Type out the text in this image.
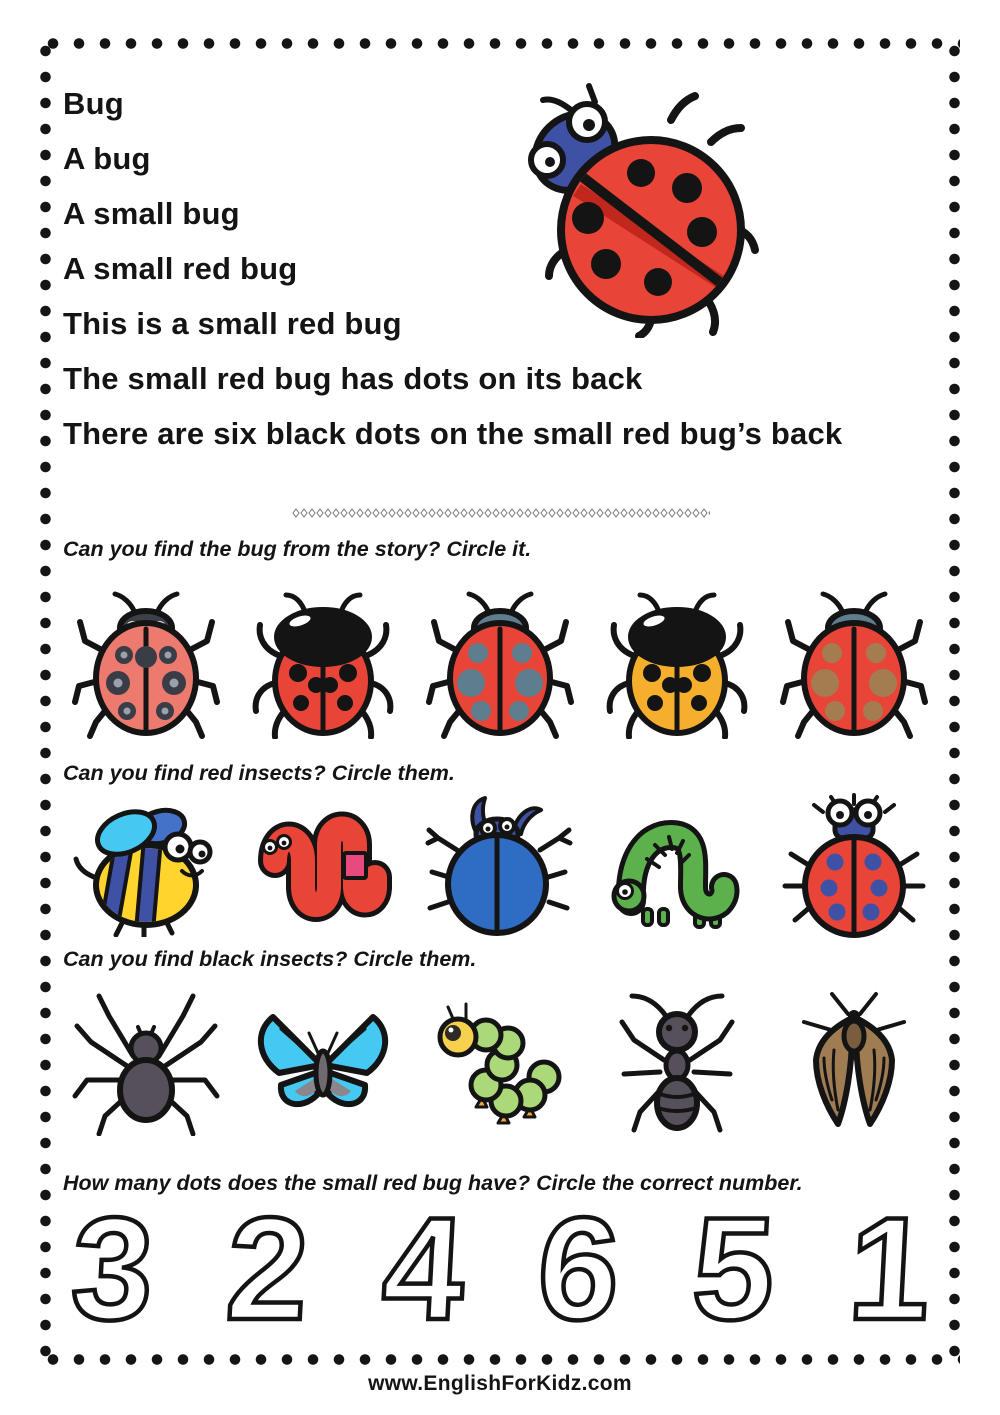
Bug
A bug
A small bug
A small red bug
This is a small red bug
The small red bug has dots on its back
There are six black dots on the small red bug’s back
Can you find the bug from the story? Circle it.
Can you find red insects? Circle them.
Can you find black insects? Circle them.
How many dots does the small red bug have? Circle the correct number.
3 2 4 6 5 1
www.EnglishForKidz.com
